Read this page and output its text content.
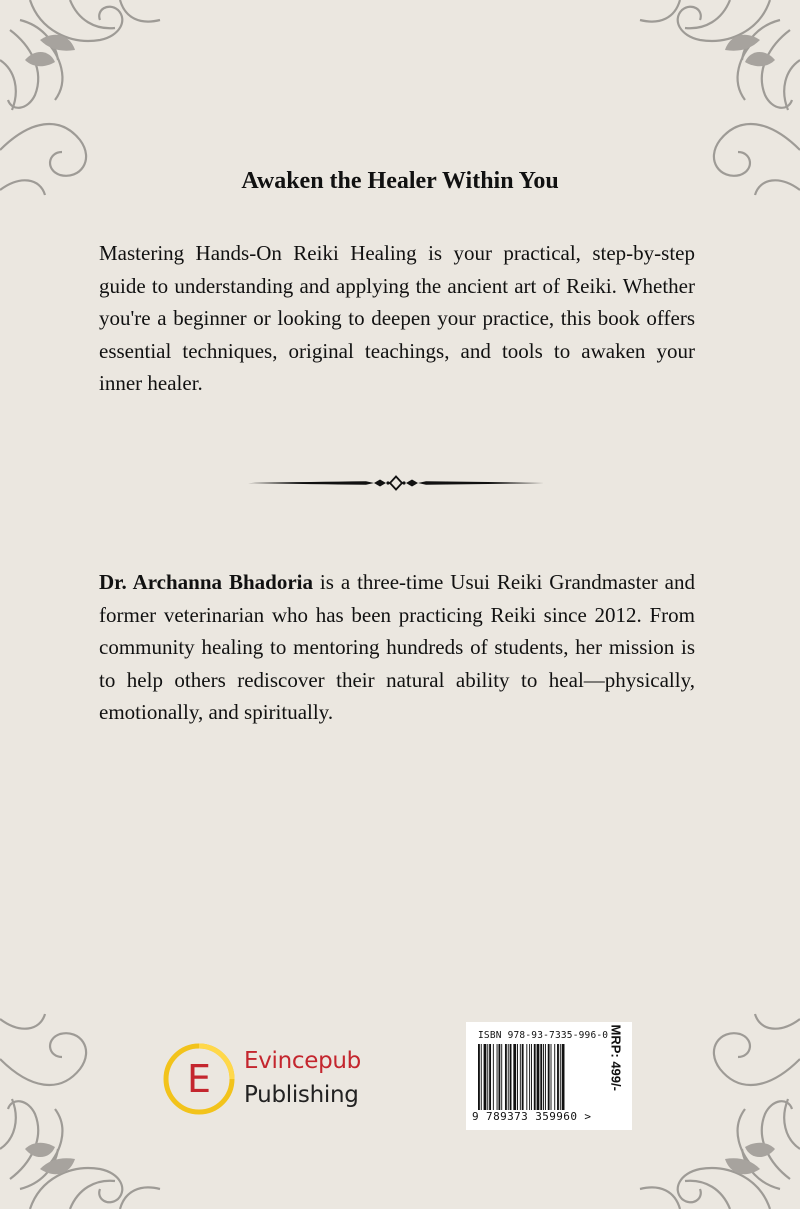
Awaken the Healer Within You

Mastering Hands-On Reiki Healing is your practical, step-by-step guide to understanding and applying the ancient art of Reiki. Whether you're a beginner or looking to deepen your practice, this book offers essential techniques, original teachings, and tools to awaken your inner healer.

Dr. Archanna Bhadoria is a three-time Usui Reiki Grandmaster and former veterinarian who has been practicing Reiki since 2012. From community healing to mentoring hundreds of students, her mission is to help others rediscover their natural ability to heal—physically, emotionally, and spiritually.

E Evincepub
Publishing
ISBN 978-93-7335-996-0
9 789373 359960 >
MRP: 499/-
